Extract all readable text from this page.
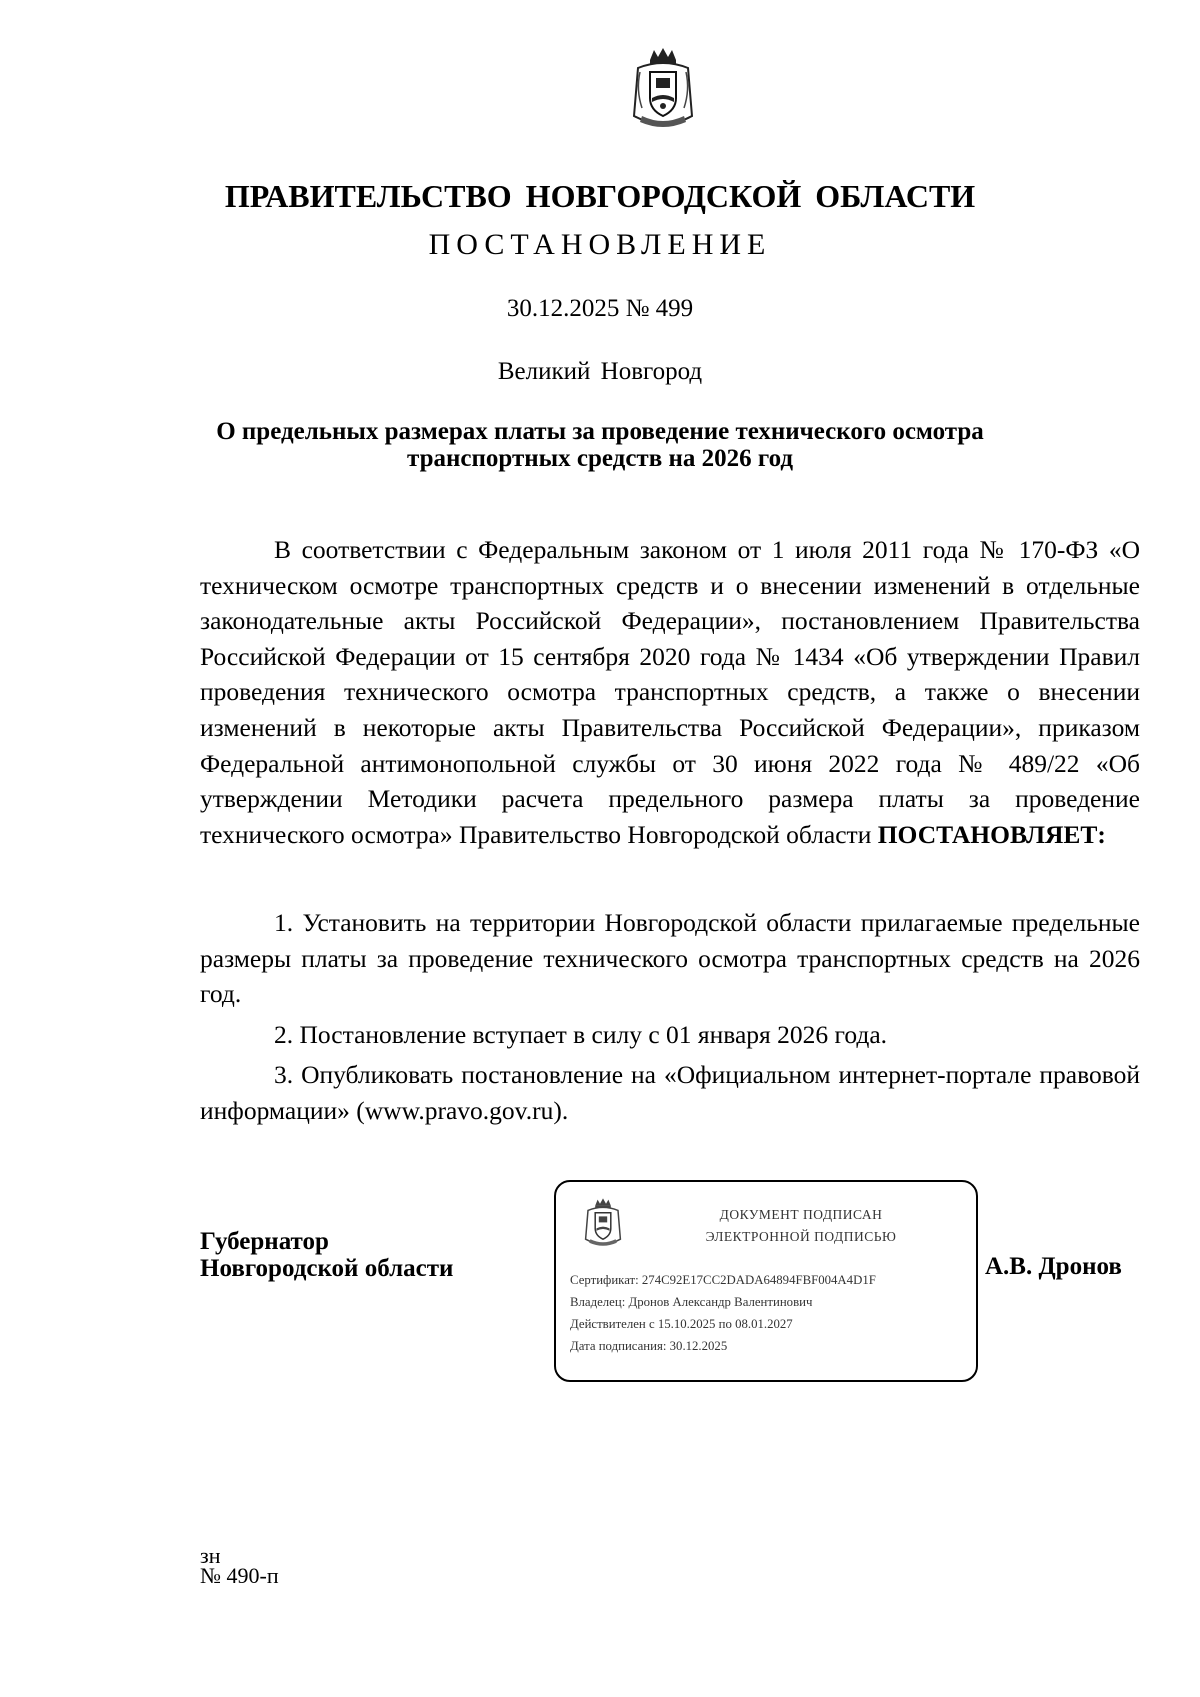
ПРАВИТЕЛЬСТВО НОВГОРОДСКОЙ ОБЛАСТИ
ПОСТАНОВЛЕНИЕ
30.12.2025 № 499
Великий Новгород
О предельных размерах платы за проведение технического осмотра
транспортных средств на 2026 год

В соответствии с Федеральным законом от 1 июля 2011 года № 170-ФЗ «О техническом осмотре транспортных средств и о внесении изменений в отдельные законодательные акты Российской Федерации», постановлением Правительства Российской Федерации от 15 сентября 2020 года № 1434 «Об утверждении Правил проведения технического осмотра транспортных средств, а также о внесении изменений в некоторые акты Правительства Российской Федерации», приказом Федеральной антимонопольной службы от 30 июня 2022 года № 489/22 «Об утверждении Методики расчета предельного размера платы за проведение технического осмотра» Правительство Новгородской области ПОСТАНОВЛЯЕТ:

1. Установить на территории Новгородской области прилагаемые предельные размеры платы за проведение технического осмотра транспортных средств на 2026 год.

2. Постановление вступает в силу с 01 января 2026 года.

3. Опубликовать постановление на «Официальном интернет-портале правовой информации» (www.pravo.gov.ru).

Губернатор
Новгородской области
ДОКУМЕНТ ПОДПИСАН
ЭЛЕКТРОННОЙ ПОДПИСЬЮ
Сертификат: 274C92E17CC2DADA64894FBF004A4D1F
Владелец: Дронов Александр Валентинович
Действителен с 15.10.2025 по 08.01.2027
Дата подписания: 30.12.2025
А.В. Дронов
зн
№ 490-п
